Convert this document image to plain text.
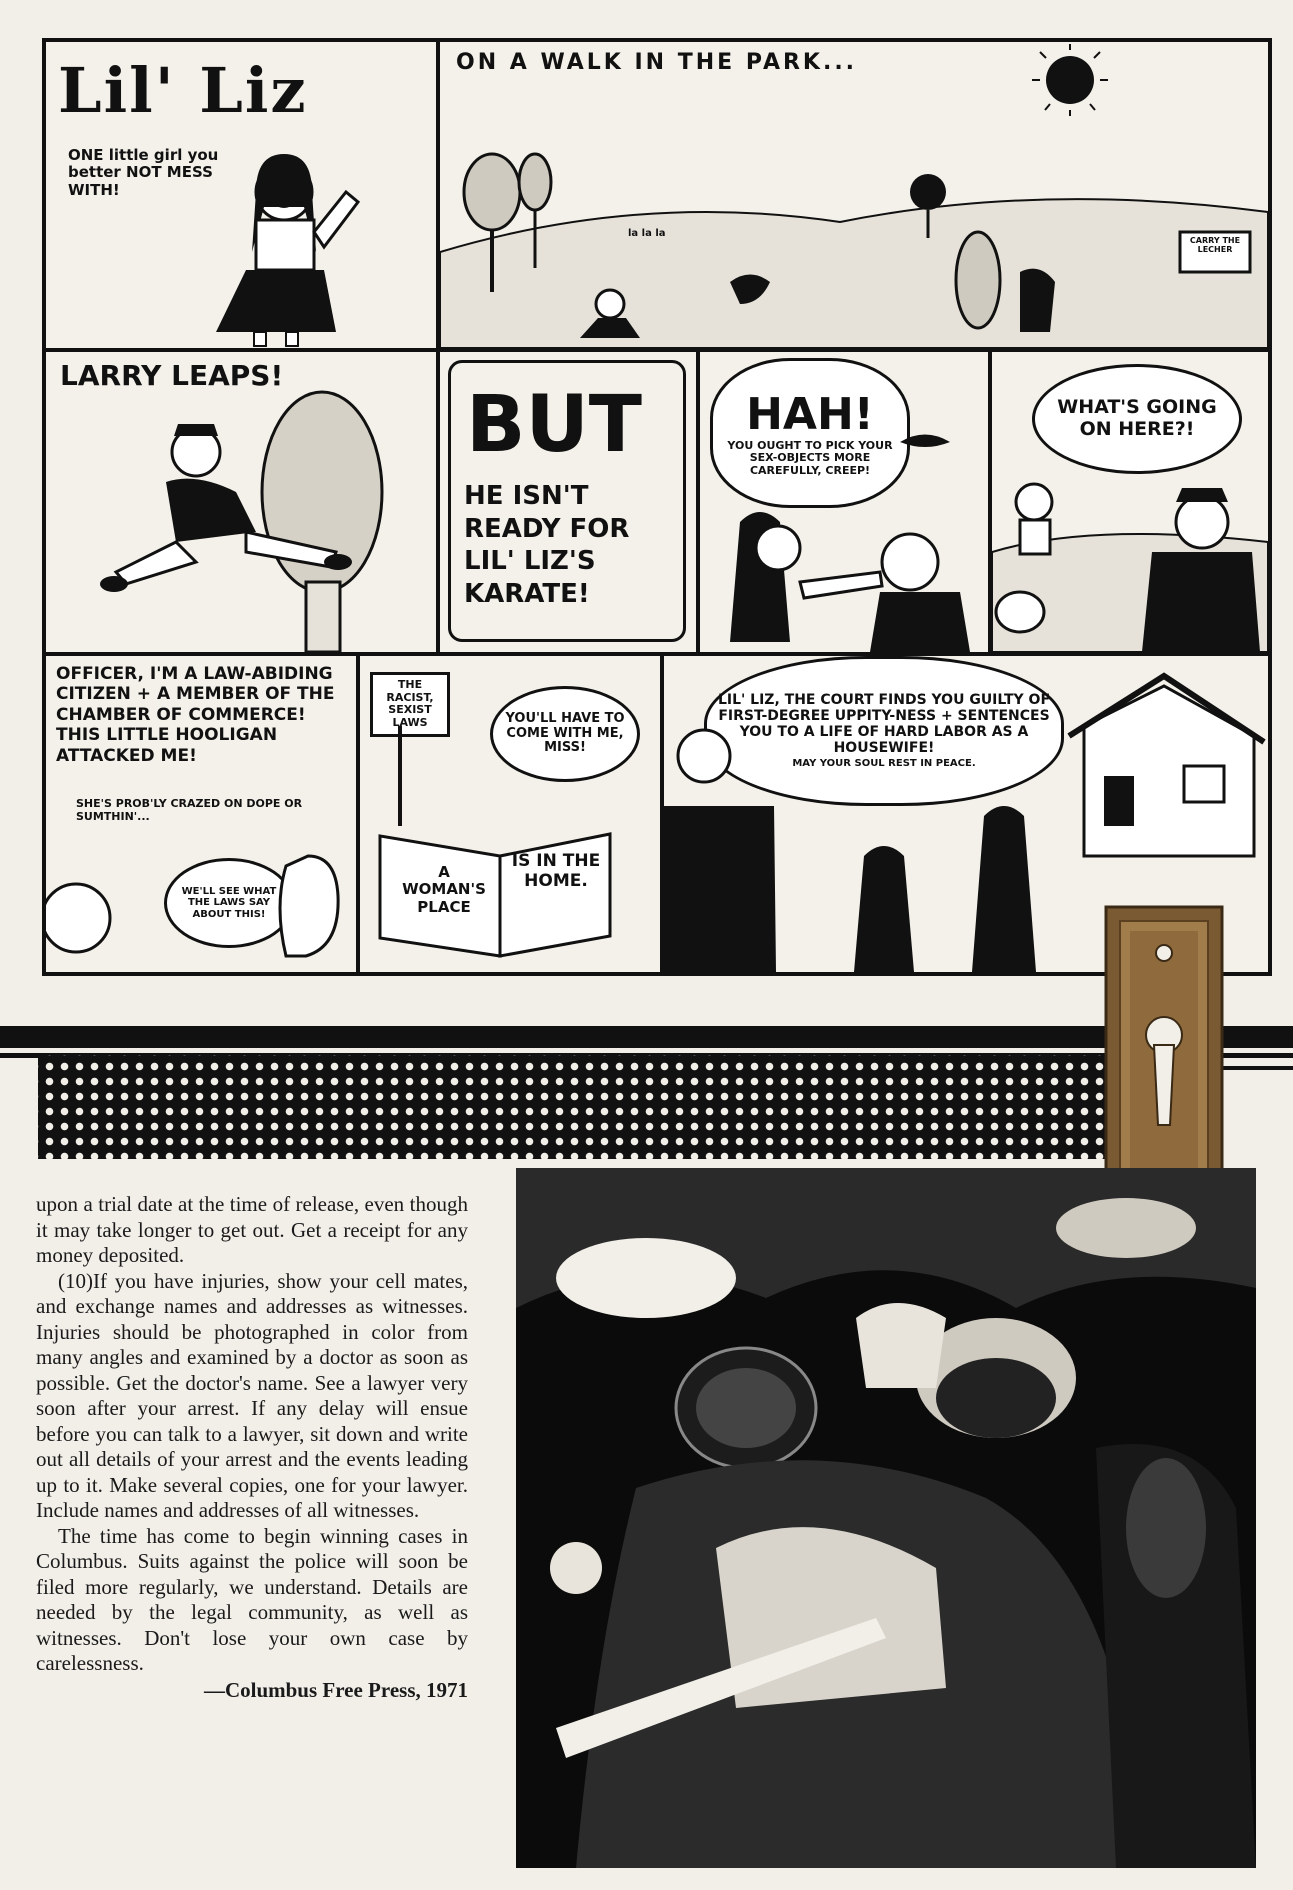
Lil' Liz
ONE little girl you better NOT MESS WITH!
ON A WALK IN THE PARK...
la la la
CARRY THE LECHER
LARRY LEAPS!
BUT
HE ISN'T READY FOR LIL' LIZ'S KARATE!
HAH!
YOU OUGHT TO PICK YOUR SEX-OBJECTS MORE CAREFULLY, CREEP!
WHAT'S GOING ON HERE?!
OFFICER, I'M A LAW-ABIDING CITIZEN + A MEMBER OF THE CHAMBER OF COMMERCE! THIS LITTLE HOOLIGAN ATTACKED ME!
SHE'S PROB'LY CRAZED ON DOPE OR SUMTHIN'...
WE'LL SEE WHAT THE LAWS SAY ABOUT THIS!
THE RACIST, SEXIST LAWS	YOU'LL HAVE TO COME WITH ME, MISS!
A WOMAN'S PLACE
IS IN THE HOME.
LIL' LIZ, THE COURT FINDS YOU GUILTY OF FIRST-DEGREE UPPITY-NESS + SENTENCES YOU TO A LIFE OF HARD LABOR AS A HOUSEWIFE!
MAY YOUR SOUL REST IN PEACE.

upon a trial date at the time of release, even though it may take longer to get out. Get a receipt for any money deposited.

(10)If you have injuries, show your cell mates, and exchange names and addresses as witnesses. Injuries should be photographed in color from many angles and examined by a doctor as soon as possible. Get the doctor's name. See a lawyer very soon after your arrest. If any delay will ensue before you can talk to a lawyer, sit down and write out all details of your arrest and the events leading up to it. Make several copies, one for your lawyer. Include names and addresses of all witnesses.

The time has come to begin winning cases in Columbus. Suits against the police will soon be filed more regularly, we understand. Details are needed by the legal community, as well as witnesses. Don't lose your own case by carelessness.

—Columbus Free Press, 1971
